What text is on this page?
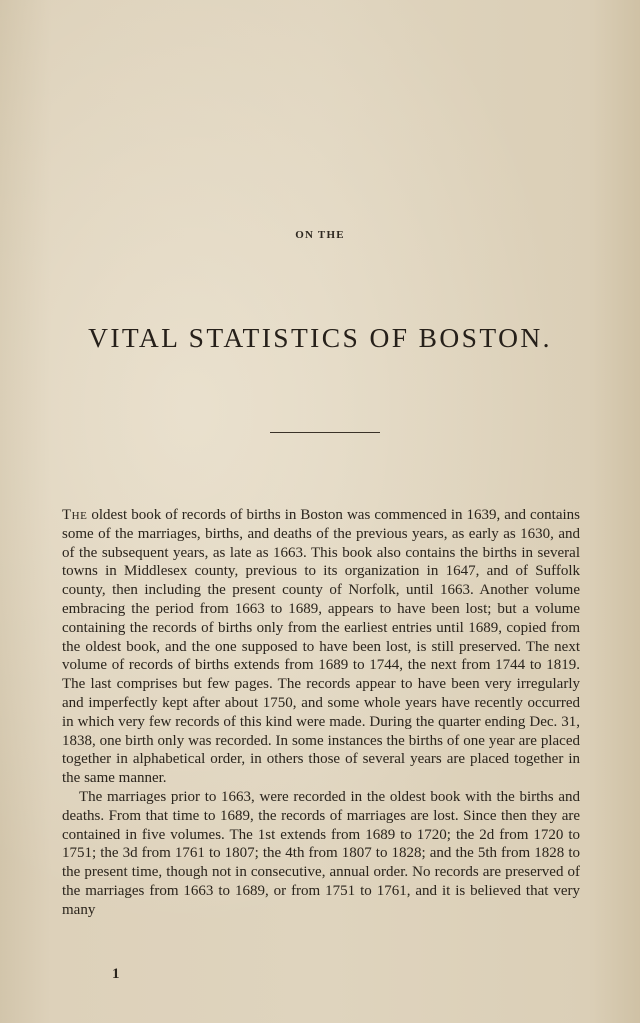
ON THE
VITAL STATISTICS OF BOSTON.

The oldest book of records of births in Boston was commenced in 1639, and contains some of the marriages, births, and deaths of the previous years, as early as 1630, and of the subsequent years, as late as 1663. This book also contains the births in several towns in Middlesex county, previous to its organization in 1647, and of Suffolk county, then including the present county of Norfolk, until 1663. Another volume embracing the period from 1663 to 1689, appears to have been lost; but a volume containing the records of births only from the earliest entries until 1689, copied from the oldest book, and the one supposed to have been lost, is still preserved. The next volume of records of births extends from 1689 to 1744, the next from 1744 to 1819. The last comprises but few pages. The records appear to have been very irregularly and imperfectly kept after about 1750, and some whole years have recently occurred in which very few records of this kind were made. During the quarter ending Dec. 31, 1838, one birth only was recorded. In some instances the births of one year are placed together in alphabetical order, in others those of several years are placed together in the same manner.

The marriages prior to 1663, were recorded in the oldest book with the births and deaths. From that time to 1689, the records of marriages are lost. Since then they are contained in five volumes. The 1st extends from 1689 to 1720; the 2d from 1720 to 1751; the 3d from 1761 to 1807; the 4th from 1807 to 1828; and the 5th from 1828 to the present time, though not in consecutive, annual order. No records are preserved of the marriages from 1663 to 1689, or from 1751 to 1761, and it is believed that very many

1
